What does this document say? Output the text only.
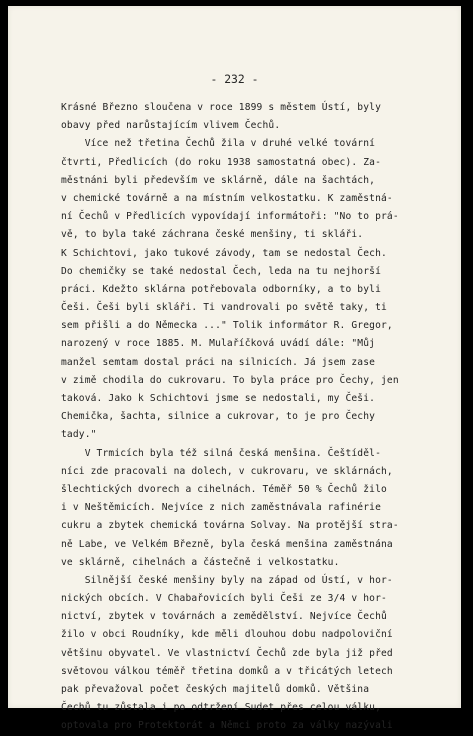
- 232 -
Krásné Březno sloučena v roce 1899 s městem Ústí, byly
obavy před narůstajícím vlivem Čechů.
Více než třetina Čechů žila v druhé velké tovární
čtvrti, Předlicích (do roku 1938 samostatná obec). Za-
městnáni byli především ve sklárně, dále na šachtách,
v chemické továrně a na místním velkostatku. K zaměstná-
ní Čechů v Předlicích vypovídají informátoři: "No to prá-
vě, to byla také záchrana české menšiny, ti skláři.
K Schichtovi, jako tukové závody, tam se nedostal Čech.
Do chemičky se také nedostal Čech, leda na tu nejhorší
práci. Kdežto sklárna potřebovala odborníky, a to byli
Češi. Češi byli skláři. Ti vandrovali po světě taky, ti
sem přišli a do Německa ..." Tolik informátor R. Gregor,
narozený v roce 1885. M. Mulaříčková uvádí dále: "Můj
manžel semtam dostal práci na silnicích. Já jsem zase
v zimě chodila do cukrovaru. To byla práce pro Čechy, jen
taková. Jako k Schichtovi jsme se nedostali, my Češi.
Chemička, šachta, silnice a cukrovar, to je pro Čechy
tady."
V Trmicích byla též silná česká menšina. Češtíděl-
níci zde pracovali na dolech, v cukrovaru, ve sklárnách,
šlechtických dvorech a cihelnách. Téměř 50 % Čechů žilo
i v Neštěmicích. Nejvíce z nich zaměstnávala rafinérie
cukru a zbytek chemická továrna Solvay. Na protější stra-
ně Labe, ve Velkém Březně, byla česká menšina zaměstnána
ve sklárně, cihelnách a částečně i velkostatku.
Silnější české menšiny byly na západ od Ústí, v hor-
nických obcích. V Chabařovicích byli Češi ze 3/4 v hor-
nictví, zbytek v továrnách a zemědělství. Nejvíce Čechů
žilo v obci Roudníky, kde měli dlouhou dobu nadpoloviční
většinu obyvatel. Ve vlastnictví Čechů zde byla již před
světovou válkou téměř třetina domků a v třicátých letech
pak převažoval počet českých majitelů domků. Většina
Čechů tu zůstala i po odtržení Sudet přes celou válku,
optovala pro Protektorát a Němci proto za války nazývali
